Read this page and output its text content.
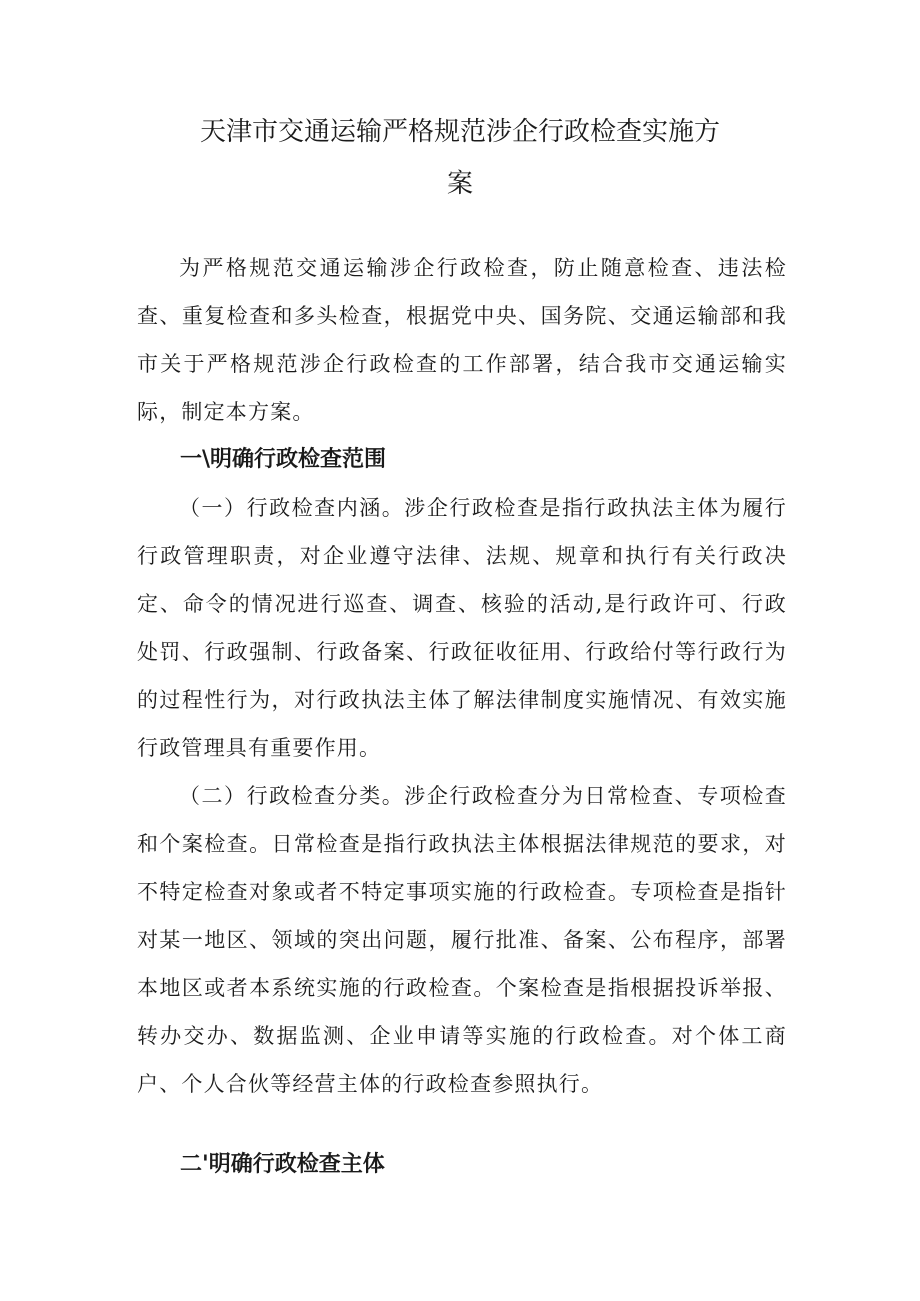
天津市交通运输严格规范涉企行政检查实施方
案

为严格规范交通运输涉企行政检查，防止随意检查、违法检查、重复检查和多头检查，根据党中央、国务院、交通运输部和我市关于严格规范涉企行政检查的工作部署，结合我市交通运输实际，制定本方案。

一\明确行政检查范围

（一）行政检查内涵。涉企行政检查是指行政执法主体为履行行政管理职责，对企业遵守法律、法规、规章和执行有关行政决定、命令的情况进行巡查、调查、核验的活动,是行政许可、行政处罚、行政强制、行政备案、行政征收征用、行政给付等行政行为的过程性行为，对行政执法主体了解法律制度实施情况、有效实施行政管理具有重要作用。

（二）行政检查分类。涉企行政检查分为日常检查、专项检查和个案检查。日常检查是指行政执法主体根据法律规范的要求，对不特定检查对象或者不特定事项实施的行政检查。专项检查是指针对某一地区、领域的突出问题，履行批准、备案、公布程序，部署本地区或者本系统实施的行政检查。个案检查是指根据投诉举报、转办交办、数据监测、企业申请等实施的行政检查。对个体工商户、个人合伙等经营主体的行政检查参照执行。

二'明确行政检查主体
